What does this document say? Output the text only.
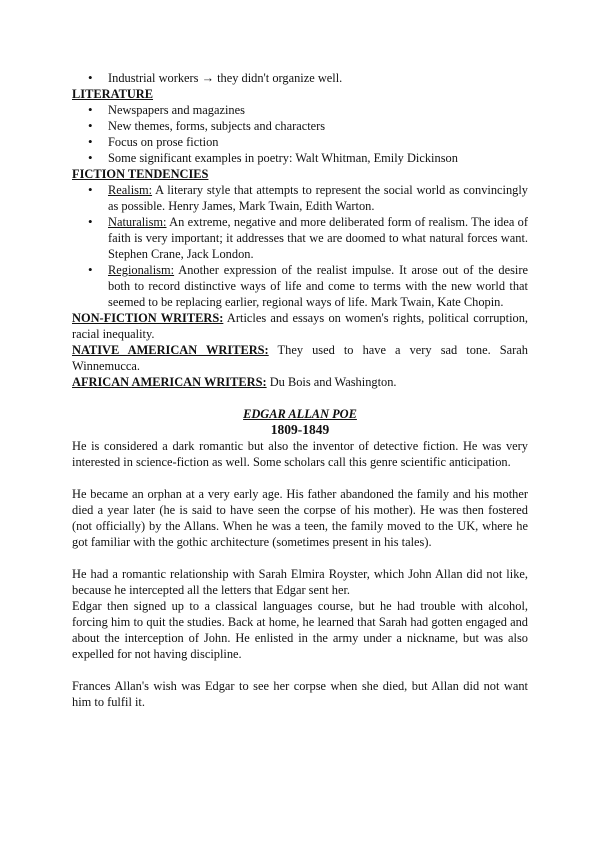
• Industrial workers → they didn't organize well.
LITERATURE
• Newspapers and magazines
• New themes, forms, subjects and characters
• Focus on prose fiction
• Some significant examples in poetry: Walt Whitman, Emily Dickinson
FICTION TENDENCIES
• Realism: A literary style that attempts to represent the social world as convincingly as possible. Henry James, Mark Twain, Edith Warton.
• Naturalism: An extreme, negative and more deliberated form of realism. The idea of faith is very important; it addresses that we are doomed to what natural forces want. Stephen Crane, Jack London.
• Regionalism: Another expression of the realist impulse. It arose out of the desire both to record distinctive ways of life and come to terms with the new world that seemed to be replacing earlier, regional ways of life. Mark Twain, Kate Chopin.

NON-FICTION WRITERS: Articles and essays on women's rights, political corruption, racial inequality.

NATIVE AMERICAN WRITERS: They used to have a very sad tone. Sarah Winnemucca.

AFRICAN AMERICAN WRITERS: Du Bois and Washington.

EDGAR ALLAN POE
1809-1849

He is considered a dark romantic but also the inventor of detective fiction. He was very interested in science-fiction as well. Some scholars call this genre scientific anticipation.

He became an orphan at a very early age. His father abandoned the family and his mother died a year later (he is said to have seen the corpse of his mother). He was then fostered (not officially) by the Allans. When he was a teen, the family moved to the UK, where he got familiar with the gothic architecture (sometimes present in his tales).

He had a romantic relationship with Sarah Elmira Royster, which John Allan did not like, because he intercepted all the letters that Edgar sent her.

Edgar then signed up to a classical languages course, but he had trouble with alcohol, forcing him to quit the studies. Back at home, he learned that Sarah had gotten engaged and about the interception of John. He enlisted in the army under a nickname, but was also expelled for not having discipline.

Frances Allan's wish was Edgar to see her corpse when she died, but Allan did not want him to fulfil it.
